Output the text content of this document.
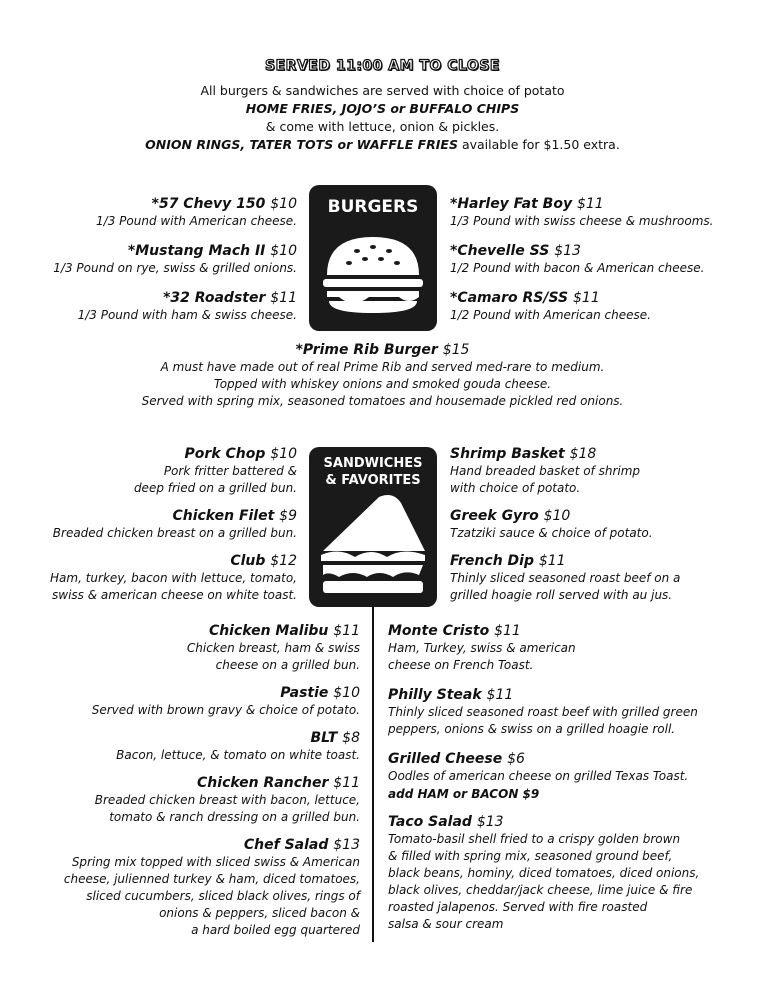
SERVED 11:00 AM TO CLOSE
All burgers & sandwiches are served with choice of potato
HOME FRIES, JOJO’S or BUFFALO CHIPS
& come with lettuce, onion & pickles.
ONION RINGS, TATER TOTS or WAFFLE FRIES available for $1.50 extra.
BURGERS
*57 Chevy 150 $10
1/3 Pound with American cheese.
*Mustang Mach II $10
1/3 Pound on rye, swiss & grilled onions.
*32 Roadster $11
1/3 Pound with ham & swiss cheese.
*Harley Fat Boy $11
1/3 Pound with swiss cheese & mushrooms.
*Chevelle SS $13
1/2 Pound with bacon & American cheese.
*Camaro RS/SS $11
1/2 Pound with American cheese.
*Prime Rib Burger $15
A must have made out of real Prime Rib and served med-rare to medium.
Topped with whiskey onions and smoked gouda cheese.
Served with spring mix, seasoned tomatoes and housemade pickled red onions.
SANDWICHES
& FAVORITES
Pork Chop $10
Pork fritter battered &
deep fried on a grilled bun.
Chicken Filet $9
Breaded chicken breast on a grilled bun.
Club $12
Ham, turkey, bacon with lettuce, tomato,
swiss & american cheese on white toast.
Shrimp Basket $18
Hand breaded basket of shrimp
with choice of potato.
Greek Gyro $10
Tzatziki sauce & choice of potato.
French Dip $11
Thinly sliced seasoned roast beef on a
grilled hoagie roll served with au jus.
Chicken Malibu $11
Chicken breast, ham & swiss
cheese on a grilled bun.
Pastie $10
Served with brown gravy & choice of potato.
BLT $8
Bacon, lettuce, & tomato on white toast.
Chicken Rancher $11
Breaded chicken breast with bacon, lettuce,
tomato & ranch dressing on a grilled bun.
Chef Salad $13
Spring mix topped with sliced swiss & American
cheese, julienned turkey & ham, diced tomatoes,
sliced cucumbers, sliced black olives, rings of
onions & peppers, sliced bacon &
a hard boiled egg quartered
Monte Cristo $11
Ham, Turkey, swiss & american
cheese on French Toast.
Philly Steak $11
Thinly sliced seasoned roast beef with grilled green
peppers, onions & swiss on a grilled hoagie roll.
Grilled Cheese $6
Oodles of american cheese on grilled Texas Toast.
add HAM or BACON $9
Taco Salad $13
Tomato-basil shell fried to a crispy golden brown
& filled with spring mix, seasoned ground beef,
black beans, hominy, diced tomatoes, diced onions,
black olives, cheddar/jack cheese, lime juice & fire
roasted jalapenos. Served with fire roasted
salsa & sour cream
